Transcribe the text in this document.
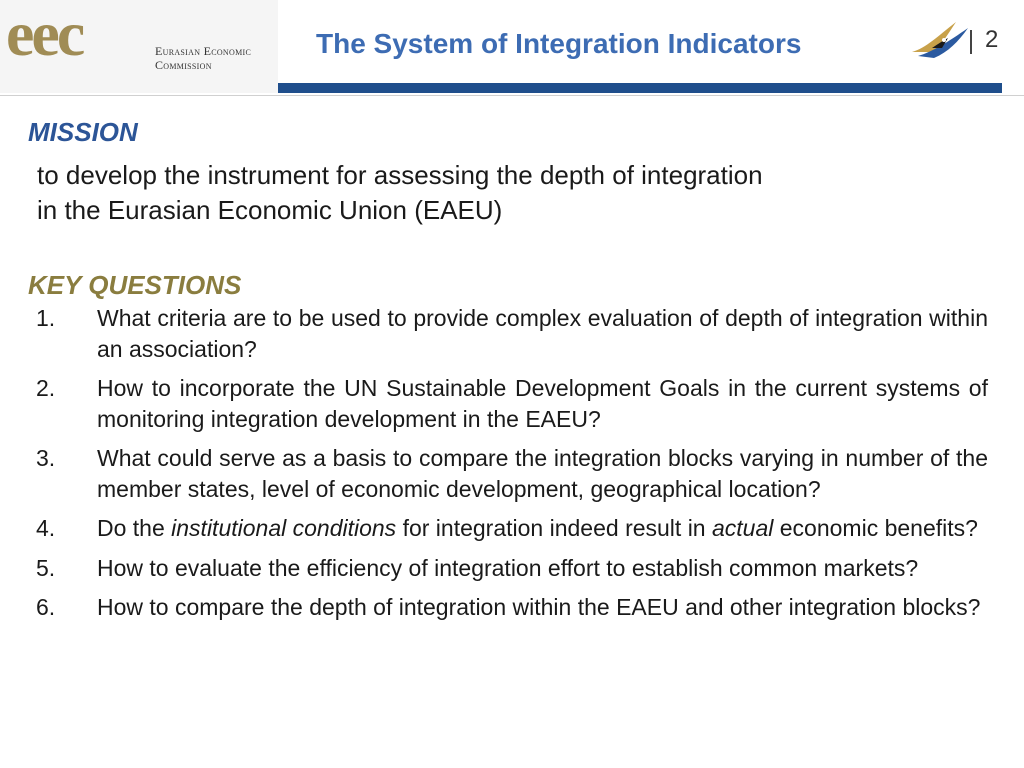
eec	Eurasian Economic
Commission
The System of Integration Indicators	2
MISSION
to develop the instrument for assessing the depth of integration
in the Eurasian Economic Union (EAEU)
KEY QUESTIONS
1.	What criteria are to be used to provide complex evaluation of depth of integration within an association?
2.	How to incorporate the UN Sustainable Development Goals in the current systems of monitoring integration development in the EAEU?
3.	What could serve as a basis to compare the integration blocks varying in number of the member states, level of economic development, geographical location?
4.	Do the institutional conditions for integration indeed result in actual economic benefits?
5.	How to evaluate the efficiency of integration effort to establish common markets?
6.	How to compare the depth of integration within the EAEU and other integration blocks?
